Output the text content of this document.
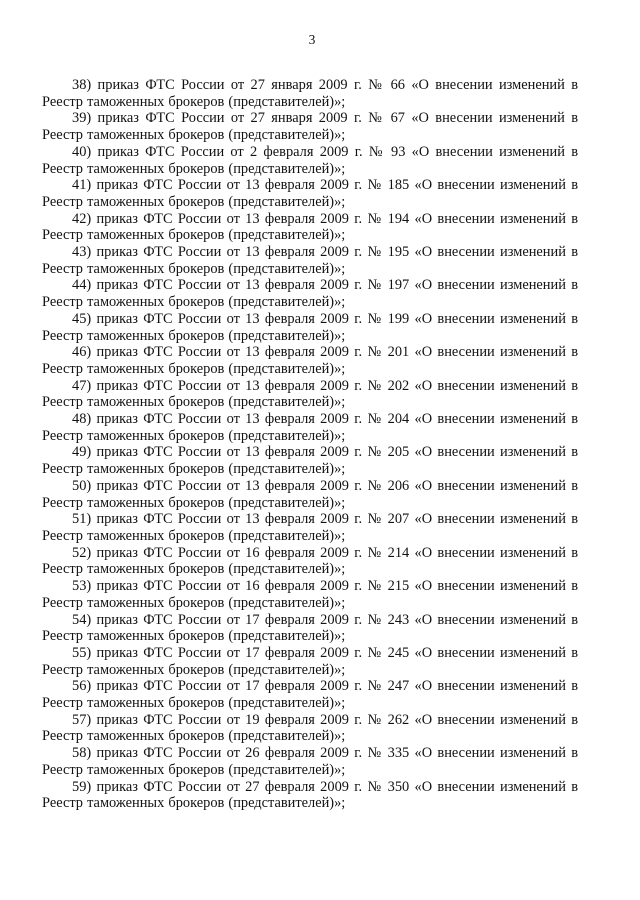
3

38) приказ ФТС России от 27 января 2009 г. № 66 «О внесении изменений в Реестр таможенных брокеров (представителей)»;

39) приказ ФТС России от 27 января 2009 г. № 67 «О внесении изменений в Реестр таможенных брокеров (представителей)»;

40) приказ ФТС России от 2 февраля 2009 г. № 93 «О внесении изменений в Реестр таможенных брокеров (представителей)»;

41) приказ ФТС России от 13 февраля 2009 г. № 185 «О внесении изменений в Реестр таможенных брокеров (представителей)»;

42) приказ ФТС России от 13 февраля 2009 г. № 194 «О внесении изменений в Реестр таможенных брокеров (представителей)»;

43) приказ ФТС России от 13 февраля 2009 г. № 195 «О внесении изменений в Реестр таможенных брокеров (представителей)»;

44) приказ ФТС России от 13 февраля 2009 г. № 197 «О внесении изменений в Реестр таможенных брокеров (представителей)»;

45) приказ ФТС России от 13 февраля 2009 г. № 199 «О внесении изменений в Реестр таможенных брокеров (представителей)»;

46) приказ ФТС России от 13 февраля 2009 г. № 201 «О внесении изменений в Реестр таможенных брокеров (представителей)»;

47) приказ ФТС России от 13 февраля 2009 г. № 202 «О внесении изменений в Реестр таможенных брокеров (представителей)»;

48) приказ ФТС России от 13 февраля 2009 г. № 204 «О внесении изменений в Реестр таможенных брокеров (представителей)»;

49) приказ ФТС России от 13 февраля 2009 г. № 205 «О внесении изменений в Реестр таможенных брокеров (представителей)»;

50) приказ ФТС России от 13 февраля 2009 г. № 206 «О внесении изменений в Реестр таможенных брокеров (представителей)»;

51) приказ ФТС России от 13 февраля 2009 г. № 207 «О внесении изменений в Реестр таможенных брокеров (представителей)»;

52) приказ ФТС России от 16 февраля 2009 г. № 214 «О внесении изменений в Реестр таможенных брокеров (представителей)»;

53) приказ ФТС России от 16 февраля 2009 г. № 215 «О внесении изменений в Реестр таможенных брокеров (представителей)»;

54) приказ ФТС России от 17 февраля 2009 г. № 243 «О внесении изменений в Реестр таможенных брокеров (представителей)»;

55) приказ ФТС России от 17 февраля 2009 г. № 245 «О внесении изменений в Реестр таможенных брокеров (представителей)»;

56) приказ ФТС России от 17 февраля 2009 г. № 247 «О внесении изменений в Реестр таможенных брокеров (представителей)»;

57) приказ ФТС России от 19 февраля 2009 г. № 262 «О внесении изменений в Реестр таможенных брокеров (представителей)»;

58) приказ ФТС России от 26 февраля 2009 г. № 335 «О внесении изменений в Реестр таможенных брокеров (представителей)»;

59) приказ ФТС России от 27 февраля 2009 г. № 350 «О внесении изменений в Реестр таможенных брокеров (представителей)»;
